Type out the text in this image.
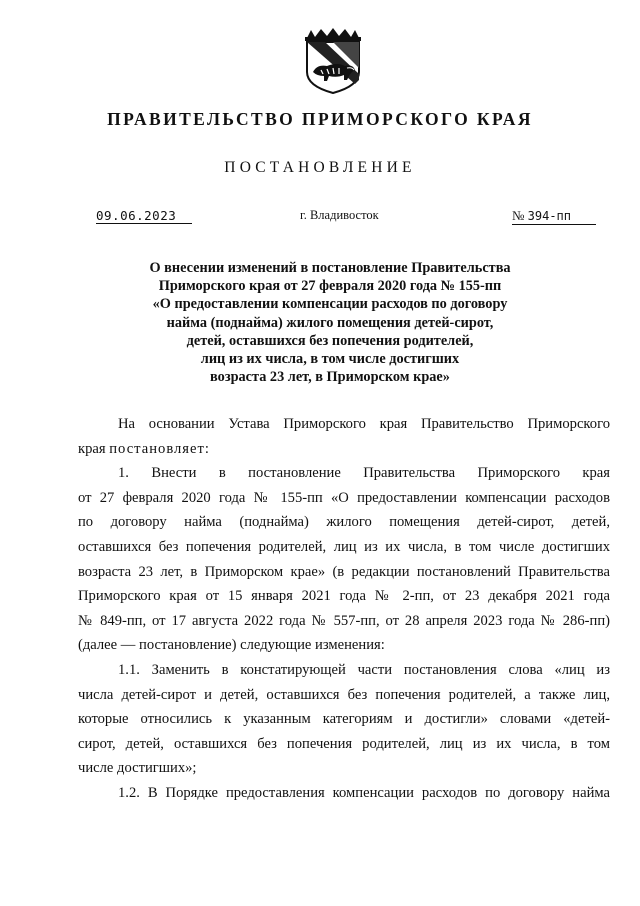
ПРАВИТЕЛЬСТВО ПРИМОРСКОГО КРАЯ
ПОСТАНОВЛЕНИЕ
09.06.2023	г. Владивосток	№ 394-пп
О внесении изменений в постановление Правительства
Приморского края от 27 февраля 2020 года № 155-пп
«О предоставлении компенсации расходов по договору
найма (поднайма) жилого помещения детей-сирот,
детей, оставшихся без попечения родителей,
лиц из их числа, в том числе достигших
возраста 23 лет, в Приморском крае»
На основании Устава Приморского края Правительство Приморского
края постановляет:
1. Внести в постановление Правительства Приморского края
от 27 февраля 2020 года № 155-пп «О предоставлении компенсации расходов
по договору найма (поднайма) жилого помещения детей-сирот, детей,
оставшихся без попечения родителей, лиц из их числа, в том числе достигших
возраста 23 лет, в Приморском крае» (в редакции постановлений Правительства
Приморского края от 15 января 2021 года № 2-пп, от 23 декабря 2021 года
№ 849-пп, от 17 августа 2022 года № 557-пп, от 28 апреля 2023 года № 286-пп)
(далее — постановление) следующие изменения:
1.1. Заменить в констатирующей части постановления слова «лиц из
числа детей-сирот и детей, оставшихся без попечения родителей, а также лиц,
которые относились к указанным категориям и достигли» словами «детей-
сирот, детей, оставшихся без попечения родителей, лиц из их числа, в том
числе достигших»;
1.2. В Порядке предоставления компенсации расходов по договору найма
